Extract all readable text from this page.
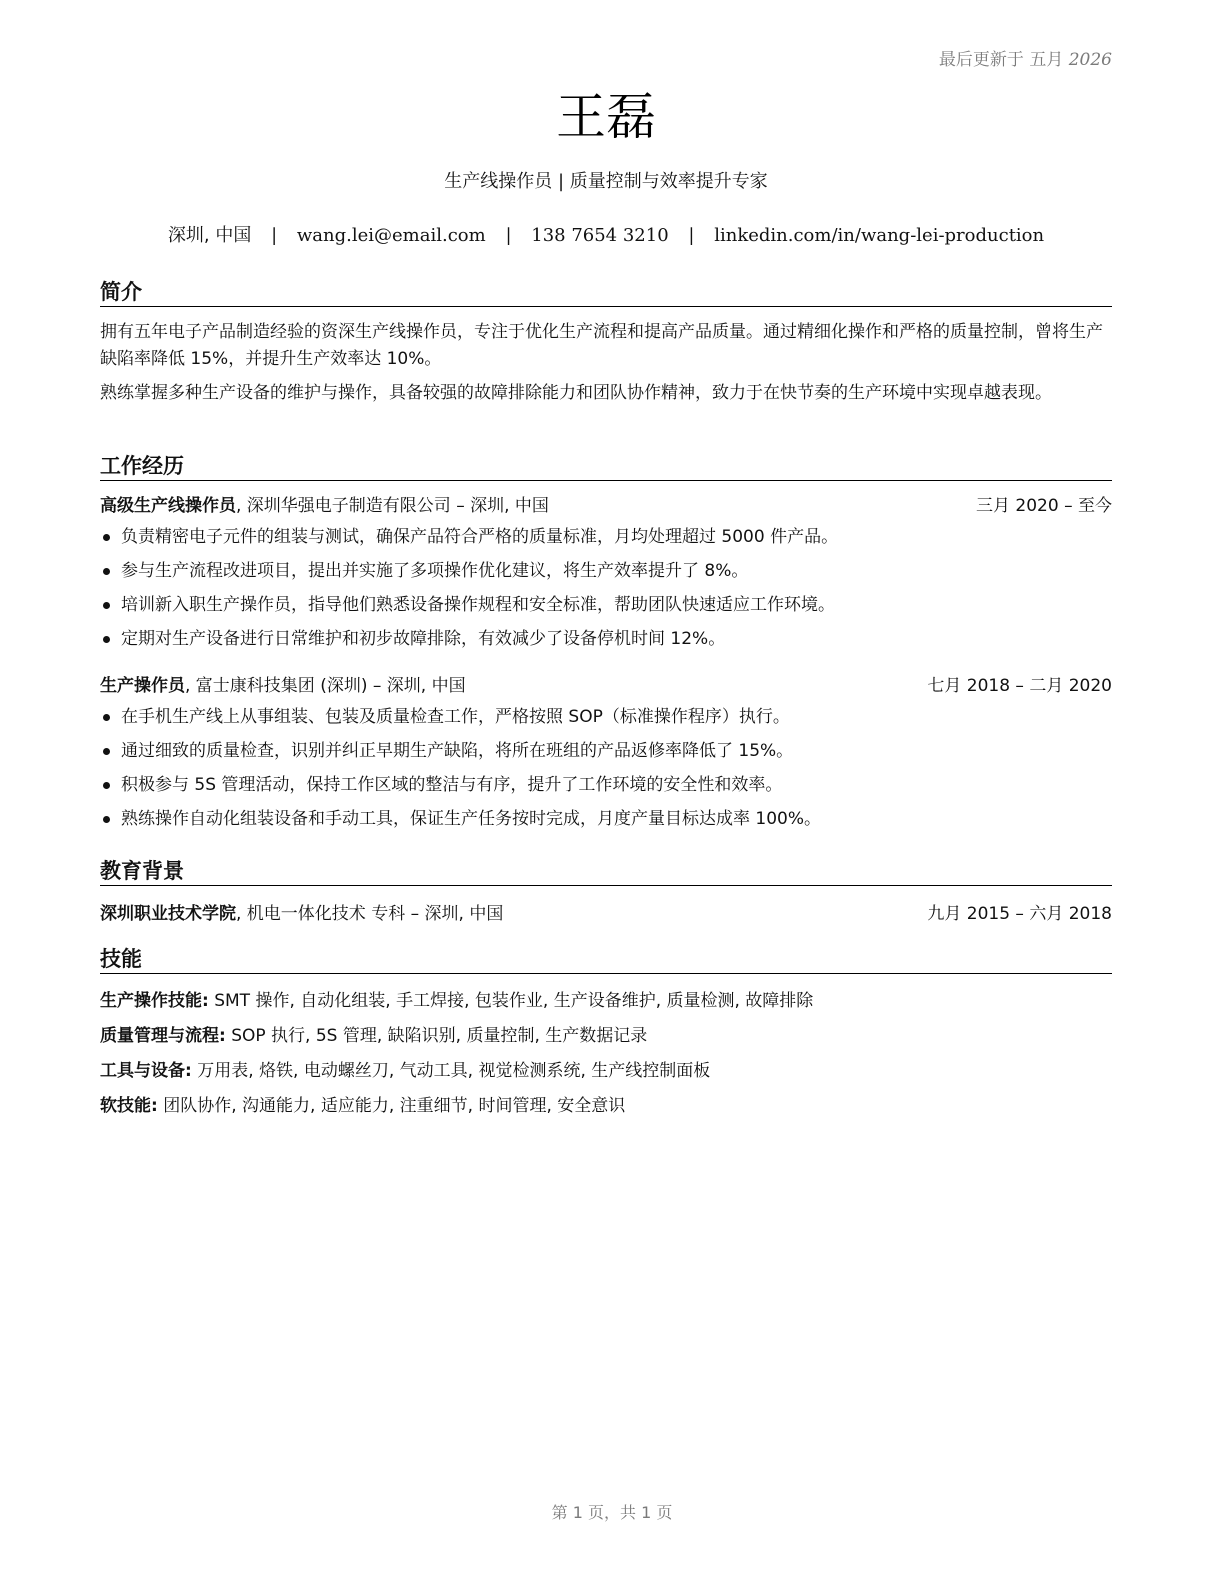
最后更新于 五月 2026
王磊
生产线操作员 | 质量控制与效率提升专家
深圳, 中国 | wang.lei@email.com | 138 7654 3210 | linkedin.com/in/wang-lei-production
简介

拥有五年电子产品制造经验的资深生产线操作员，专注于优化生产流程和提高产品质量。通过精细化操作和严格的质量控制，曾将生产缺陷率降低 15%，并提升生产效率达 10%。

熟练掌握多种生产设备的维护与操作，具备较强的故障排除能力和团队协作精神，致力于在快节奏的生产环境中实现卓越表现。

工作经历
高级生产线操作员, 深圳华强电子制造有限公司 – 深圳, 中国	三月 2020 – 至今
负责精密电子元件的组装与测试，确保产品符合严格的质量标准，月均处理超过 5000 件产品。
参与生产流程改进项目，提出并实施了多项操作优化建议，将生产效率提升了 8%。
培训新入职生产操作员，指导他们熟悉设备操作规程和安全标准，帮助团队快速适应工作环境。
定期对生产设备进行日常维护和初步故障排除，有效减少了设备停机时间 12%。
生产操作员, 富士康科技集团 (深圳) – 深圳, 中国	七月 2018 – 二月 2020
在手机生产线上从事组装、包装及质量检查工作，严格按照 SOP（标准操作程序）执行。
通过细致的质量检查，识别并纠正早期生产缺陷，将所在班组的产品返修率降低了 15%。
积极参与 5S 管理活动，保持工作区域的整洁与有序，提升了工作环境的安全性和效率。
熟练操作自动化组装设备和手动工具，保证生产任务按时完成，月度产量目标达成率 100%。
教育背景
深圳职业技术学院, 机电一体化技术 专科 – 深圳, 中国	九月 2015 – 六月 2018
技能
生产操作技能: SMT 操作, 自动化组装, 手工焊接, 包装作业, 生产设备维护, 质量检测, 故障排除
质量管理与流程: SOP 执行, 5S 管理, 缺陷识别, 质量控制, 生产数据记录
工具与设备: 万用表, 烙铁, 电动螺丝刀, 气动工具, 视觉检测系统, 生产线控制面板
软技能: 团队协作, 沟通能力, 适应能力, 注重细节, 时间管理, 安全意识
第 1 页，共 1 页
